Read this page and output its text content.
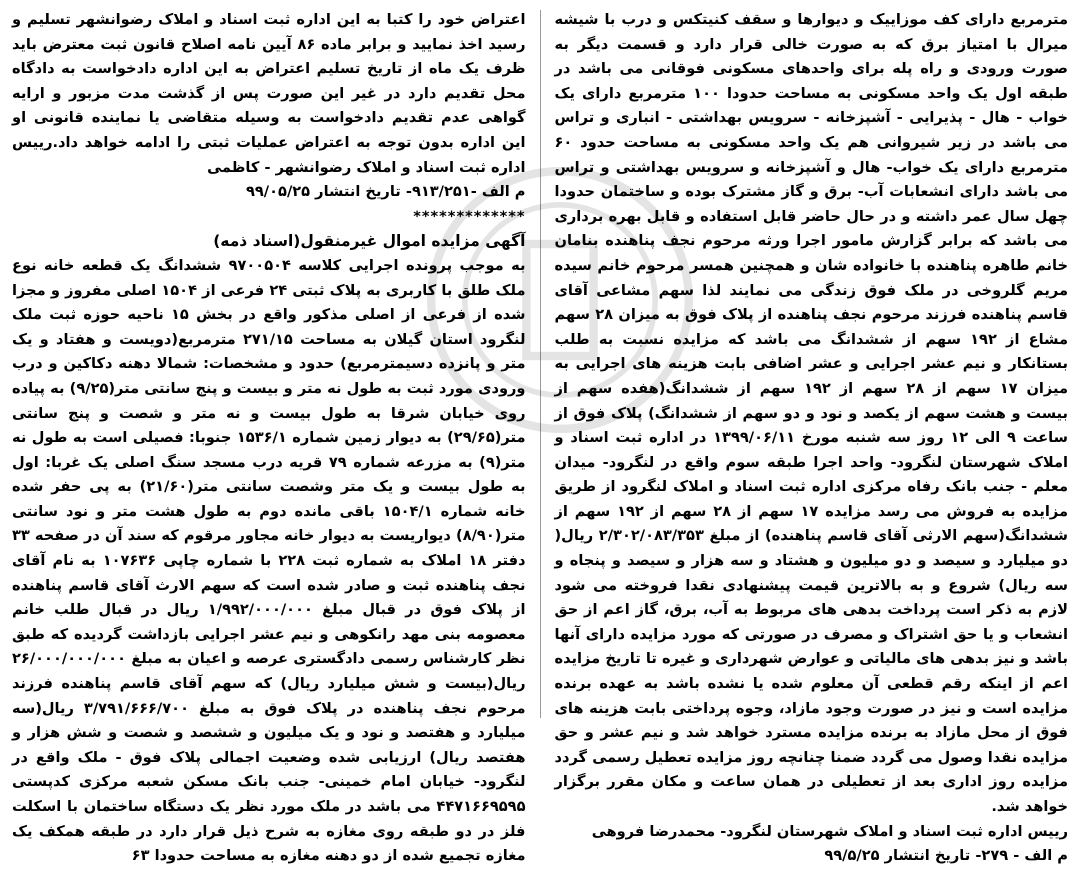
اعتراض خود را کتبا به این اداره ثبت اسناد و املاک رضوانشهر تسلیم و رسید اخذ نمایید و برابر ماده ۸۶ آیین نامه اصلاح قانون ثبت معترض باید ظرف یک ماه از تاریخ تسلیم اعتراض به این اداره دادخواست به دادگاه محل تقدیم دارد در غیر این صورت پس از گذشت مدت مزبور و ارایه گواهی عدم تقدیم دادخواست به وسیله متقاضی یا نماینده قانونی او این اداره بدون توجه به اعتراض عملیات ثبتی را ادامه خواهد داد.رییس اداره ثبت اسناد و املاک رضوانشهر - کاظمی

م الف -۹۱۳/۲۵۱- تاریخ انتشار ۹۹/۰۵/۲۵

*************

آگهی مزایده اموال غیرمنقول(اسناد ذمه)

به موجب پرونده اجرایی کلاسه ۹۷۰۰۵۰۴ ششدانگ یک قطعه خانه نوع ملک طلق با کاربری به پلاک ثبتی ۲۴ فرعی از ۱۵۰۴ اصلی مفروز و مجزا شده از فرعی از اصلی مذکور واقع در بخش ۱۵ ناحیه حوزه ثبت ملک لنگرود استان گیلان به مساحت ۲۷۱/۱۵ مترمربع(دویست و هفتاد و یک متر و پانزده دسیمترمربع) حدود و مشخصات: شمالا دهنه دکاکین و درب ورودی مورد ثبت به طول نه متر و بیست و پنج سانتی متر(۹/۲۵) به پیاده روی خیابان شرقا به طول بیست و نه متر و شصت و پنج سانتی متر(۲۹/۶۵) به دیوار زمین شماره ۱۵۳۶/۱ جنوبا: فصیلی است به طول نه متر(۹) به مزرعه شماره ۷۹ قریه درب مسجد سنگ اصلی یک غربا: اول به طول بیست و یک متر وشصت سانتی متر(۲۱/۶۰) به پی حفر شده خانه شماره ۱۵۰۴/۱ باقی مانده دوم به طول هشت متر و نود سانتی متر(۸/۹۰) دیواریست به دیوار خانه مجاور مرقوم که سند آن در صفحه ۳۳ دفتر ۱۸ املاک به شماره ثبت ۲۲۸ با شماره چاپی ۱۰۷۶۳۶ به نام آقای نجف پناهنده ثبت و صادر شده است که سهم الارث آقای قاسم پناهنده از پلاک فوق در قبال مبلغ ۱/۹۹۲/۰۰۰/۰۰۰ ریال در قبال طلب خانم معصومه بنی مهد رانکوهی و نیم عشر اجرایی بازداشت گردیده که طبق نظر کارشناس رسمی دادگستری عرصه و اعیان به مبلغ ۲۶/۰۰۰/۰۰۰/۰۰۰ ریال(بیست و شش میلیارد ریال) که سهم آقای قاسم پناهنده فرزند مرحوم نجف پناهنده در پلاک فوق به مبلغ ۳/۷۹۱/۶۶۶/۷۰۰ ریال(سه میلیارد و هفتصد و نود و یک میلیون و ششصد و شصت و شش هزار و هفتصد ریال) ارزیابی شده وضعیت اجمالی پلاک فوق - ملک واقع در لنگرود- خیابان امام خمینی- جنب بانک مسکن شعبه مرکزی کدپستی ۴۴۷۱۶۶۹۵۹۵ می باشد در ملک مورد نظر یک دستگاه ساختمان با اسکلت فلز در دو طبقه روی مغازه به شرح ذیل قرار دارد در طبقه همکف یک مغازه تجمیع شده از دو دهنه مغازه به مساحت حدودا ۶۳

مترمربع دارای کف موزاییک و دیوارها و سقف کنیتکس و درب با شیشه میرال با امتیاز برق که به صورت خالی قرار دارد و قسمت دیگر به صورت ورودی و راه پله برای واحدهای مسکونی فوقانی می باشد در طبقه اول یک واحد مسکونی به مساحت حدودا ۱۰۰ مترمربع دارای یک خواب - هال - پذیرایی - آشپزخانه - سرویس بهداشتی - انباری و تراس می باشد در زیر شیروانی هم یک واحد مسکونی به مساحت حدود ۶۰ مترمربع دارای یک خواب- هال و آشپزخانه و سرویس بهداشتی و تراس می باشد دارای انشعابات آب- برق و گاز مشترک بوده و ساختمان حدودا چهل سال عمر داشته و در حال حاضر قابل استفاده و قابل بهره برداری می باشد که برابر گزارش مامور اجرا ورثه مرحوم نجف پناهنده بنامان خانم طاهره پناهنده با خانواده شان و همچنین همسر مرحوم خانم سیده مریم گلروخی در ملک فوق زندگی می نمایند لذا سهم مشاعی آقای قاسم پناهنده فرزند مرحوم نجف پناهنده از پلاک فوق به میزان ۲۸ سهم مشاع از ۱۹۲ سهم از ششدانگ می باشد که مزایده نسبت به طلب بستانکار و نیم عشر اجرایی و عشر اضافی بابت هزینه های اجرایی به میزان ۱۷ سهم از ۲۸ سهم از ۱۹۲ سهم از ششدانگ(هفده سهم از بیست و هشت سهم از یکصد و نود و دو سهم از ششدانگ) پلاک فوق از ساعت ۹ الی ۱۲ روز سه شنبه مورخ ۱۳۹۹/۰۶/۱۱ در اداره ثبت اسناد و املاک شهرستان لنگرود- واحد اجرا طبقه سوم واقع در لنگرود- میدان معلم - جنب بانک رفاه مرکزی اداره ثبت اسناد و املاک لنگرود از طریق مزایده به فروش می رسد مزایده ۱۷ سهم از ۲۸ سهم از ۱۹۲ سهم از ششدانگ(سهم الارثی آقای قاسم پناهنده) از مبلغ ۲/۳۰۲/۰۸۳/۳۵۳ ریال( دو میلیارد و سیصد و دو میلیون و هشتاد و سه هزار و سیصد و پنجاه و سه ریال) شروع و به بالاترین قیمت پیشنهادی نقدا فروخته می شود لازم به ذکر است پرداخت بدهی های مربوط به آب، برق، گاز اعم از حق انشعاب و یا حق اشتراک و مصرف در صورتی که مورد مزایده دارای آنها باشد و نیز بدهی های مالیاتی و عوارض شهرداری و غیره تا تاریخ مزایده اعم از اینکه رقم قطعی آن معلوم شده یا نشده باشد به عهده برنده مزایده است و نیز در صورت وجود مازاد، وجوه پرداختی بابت هزینه های فوق از محل مازاد به برنده مزایده مسترد خواهد شد و نیم عشر و حق مزایده نقدا وصول می گردد ضمنا چنانچه روز مزایده تعطیل رسمی گردد مزایده روز اداری بعد از تعطیلی در همان ساعت و مکان مقرر برگزار خواهد شد.

رییس اداره ثبت اسناد و املاک شهرستان لنگرود- محمدرضا فروهی

م الف - ۲۷۹- تاریخ انتشار ۹۹/۵/۲۵
